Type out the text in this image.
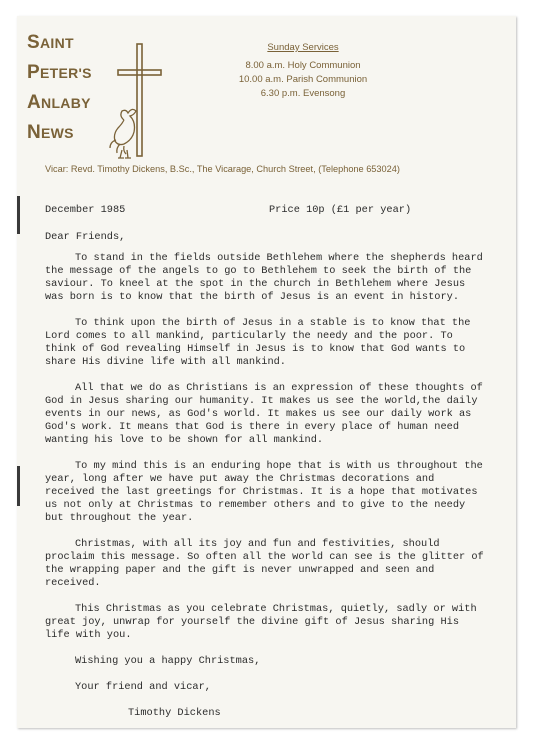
SAINT
PETER'S
ANLABY
NEWS
Sunday Services
8.00 a.m. Holy Communion
10.00 a.m. Parish Communion
6.30 p.m. Evensong
Vicar: Revd. Timothy Dickens, B.Sc., The Vicarage, Church Street, (Telephone 653024)
December 1985	Price 10p (£1 per year)
Dear Friends,

To stand in the fields outside Bethlehem where the shepherds heard the message of the angels to go to Bethlehem to seek the birth of the saviour. To kneel at the spot in the church in Bethlehem where Jesus was born is to know that the birth of Jesus is an event in history.

To think upon the birth of Jesus in a stable is to know that the Lord comes to all mankind, particularly the needy and the poor. To think of God revealing Himself in Jesus is to know that God wants to share His divine life with all mankind.

All that we do as Christians is an expression of these thoughts of God in Jesus sharing our humanity. It makes us see the world,the daily events in our news, as God's world. It makes us see our daily work as God's work. It means that God is there in every place of human need wanting his love to be shown for all mankind.

To my mind this is an enduring hope that is with us throughout the year, long after we have put away the Christmas decorations and received the last greetings for Christmas. It is a hope that motivates us not only at Christmas to remember others and to give to the needy but throughout the year.

Christmas, with all its joy and fun and festivities, should proclaim this message. So often all the world can see is the glitter of the wrapping paper and the gift is never unwrapped and seen and received.

This Christmas as you celebrate Christmas, quietly, sadly or with great joy, unwrap for yourself the divine gift of Jesus sharing His life with you.

Wishing you a happy Christmas,

Your friend and vicar,

Timothy Dickens
